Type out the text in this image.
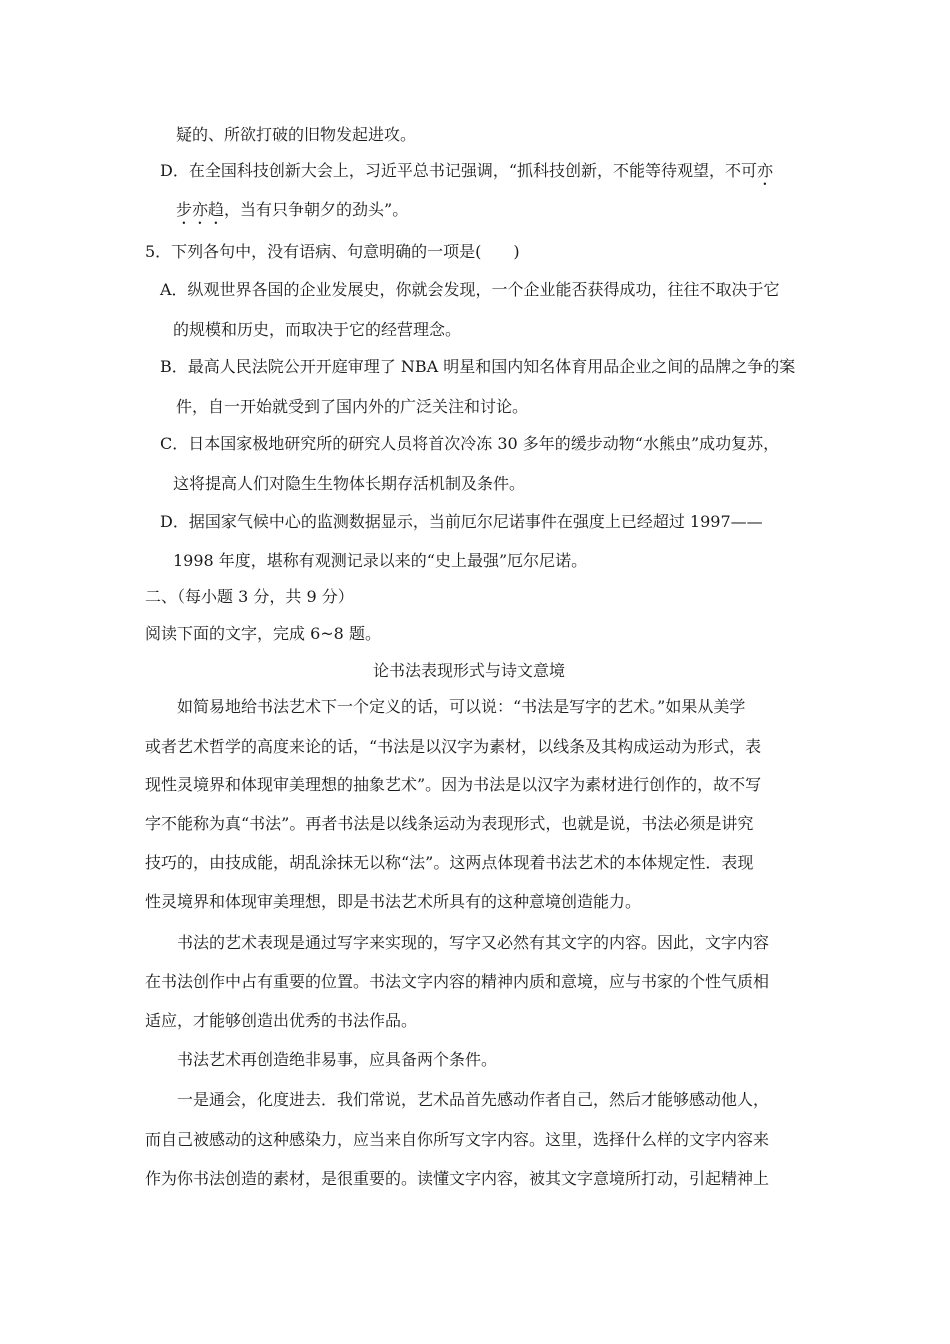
疑的、所欲打破的旧物发起进攻。
D．在全国科技创新大会上，习近平总书记强调，“抓科技创新，不能等待观望，不可亦
步亦趋，当有只争朝夕的劲头”。
5．下列各句中，没有语病、句意明确的一项是(　　)
A．纵观世界各国的企业发展史，你就会发现，一个企业能否获得成功，往往不取决于它
的规模和历史，而取决于它的经营理念。
B．最高人民法院公开开庭审理了 NBA 明星和国内知名体育用品企业之间的品牌之争的案
件，自一开始就受到了国内外的广泛关注和讨论。
C．日本国家极地研究所的研究人员将首次冷冻 30 多年的缓步动物“水熊虫”成功复苏，
这将提高人们对隐生生物体长期存活机制及条件。
D．据国家气候中心的监测数据显示，当前厄尔尼诺事件在强度上已经超过 1997——
1998 年度，堪称有观测记录以来的“史上最强”厄尔尼诺。
二、（每小题 3 分，共 9 分）
阅读下面的文字，完成 6~8 题。
论书法表现形式与诗文意境
如简易地给书法艺术下一个定义的话，可以说：“书法是写字的艺术。”如果从美学
或者艺术哲学的高度来论的话，“书法是以汉字为素材，以线条及其构成运动为形式，表
现性灵境界和体现审美理想的抽象艺术”。因为书法是以汉字为素材进行创作的，故不写
字不能称为真“书法”。再者书法是以线条运动为表现形式，也就是说，书法必须是讲究
技巧的，由技成能，胡乱涂抹无以称“法”。这两点体现着书法艺术的本体规定性．表现
性灵境界和体现审美理想，即是书法艺术所具有的这种意境创造能力。
书法的艺术表现是通过写字来实现的，写字又必然有其文字的内容。因此，文字内容
在书法创作中占有重要的位置。书法文字内容的精神内质和意境，应与书家的个性气质相
适应，才能够创造出优秀的书法作品。
书法艺术再创造绝非易事，应具备两个条件。
一是通会，化度进去．我们常说，艺术品首先感动作者自己，然后才能够感动他人，
而自己被感动的这种感染力，应当来自你所写文字内容。这里，选择什么样的文字内容来
作为你书法创造的素材，是很重要的。读懂文字内容，被其文字意境所打动，引起精神上
